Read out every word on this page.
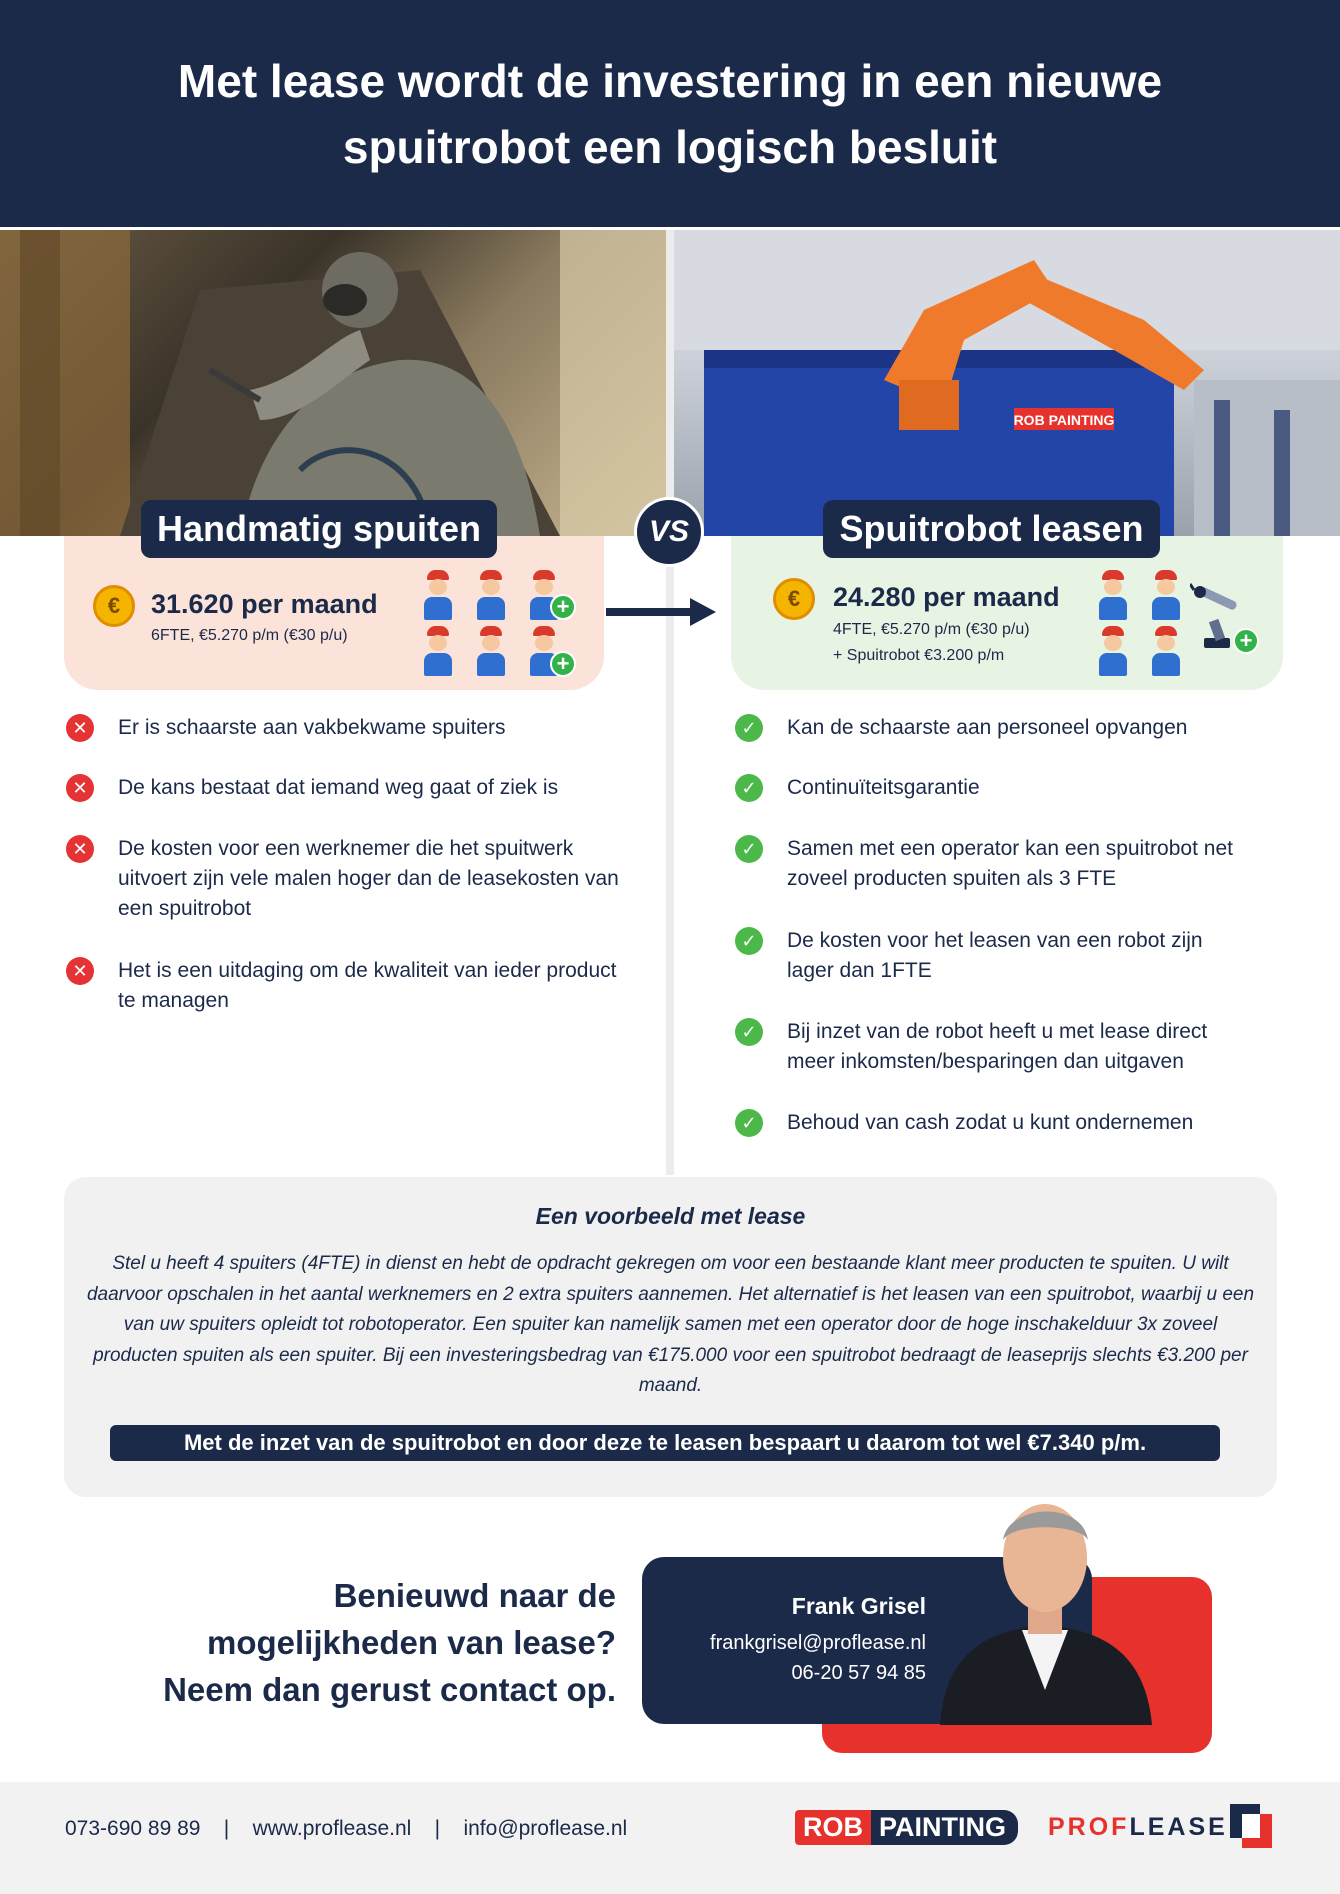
Met lease wordt de investering in een nieuwe spuitrobot een logisch besluit
ROB PAINTING
Handmatig spuiten	Spuitrobot leasen
VS
€	31.620 per maand
6FTE, €5.270 p/m (€30 p/u)
+
+
€	24.280 per maand
4FTE, €5.270 p/m (€30 p/u)
+ Spuitrobot €3.200 p/m
+
✕	Er is schaarste aan vakbekwame spuiters
✕	De kans bestaat dat iemand weg gaat of ziek is
✕	De kosten voor een werknemer die het spuitwerk uitvoert zijn vele malen hoger dan de leasekosten van een spuitrobot
✕	Het is een uitdaging om de kwaliteit van ieder product te managen
✓	Kan de schaarste aan personeel opvangen
✓	Continuïteitsgarantie
✓	Samen met een operator kan een spuitrobot net zoveel producten spuiten als 3 FTE
✓	De kosten voor het leasen van een robot zijn lager dan 1FTE
✓	Bij inzet van de robot heeft u met lease direct meer inkomsten/besparingen dan uitgaven
✓	Behoud van cash zodat u kunt ondernemen
Een voorbeeld met lease

Stel u heeft 4 spuiters (4FTE) in dienst en hebt de opdracht gekregen om voor een bestaande klant meer producten te spuiten. U wilt daarvoor opschalen in het aantal werknemers en 2 extra spuiters aannemen. Het alternatief is het leasen van een spuitrobot, waarbij u een van uw spuiters opleidt tot robotoperator. Een spuiter kan namelijk samen met een operator door de hoge inschakelduur 3x zoveel producten spuiten als een spuiter. Bij een investeringsbedrag van €175.000 voor een spuitrobot bedraagt de leaseprijs slechts €3.200 per maand.

Met de inzet van de spuitrobot en door deze te leasen bespaart u daarom tot wel €7.340 p/m.
Benieuwd naar de
mogelijkheden van lease?
Neem dan gerust contact op.
Frank Grisel
frankgrisel@proflease.nl
06-20 57 94 85
073-690 89 89    |    www.proflease.nl    |    info@proflease.nl	ROB PAINTING	PROFLEASE
